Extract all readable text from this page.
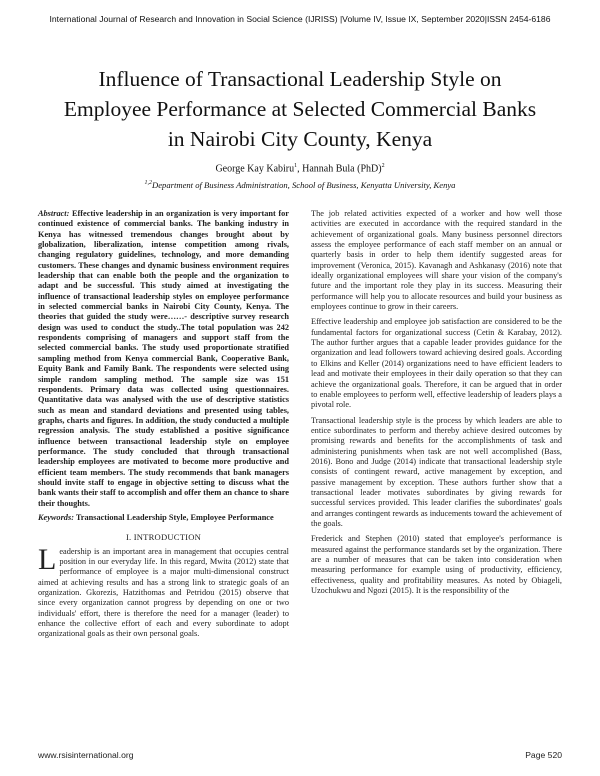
International Journal of Research and Innovation in Social Science (IJRISS) |Volume IV, Issue IX, September 2020|ISSN 2454-6186
Influence of Transactional Leadership Style on Employee Performance at Selected Commercial Banks in Nairobi City County, Kenya
George Kay Kabiru$^1$, Hannah Bula (PhD)$^2$
$^{1,2}$Department of Business Administration, School of Business, Kenyatta University, Kenya

Abstract: Effective leadership in an organization is very important for continued existence of commercial banks. The banking industry in Kenya has witnessed tremendous changes brought about by globalization, liberalization, intense competition among rivals, changing regulatory guidelines, technology, and more demanding customers. These changes and dynamic business environment requires leadership that can enable both the people and the organization to adapt and be successful. This study aimed at investigating the influence of transactional leadership styles on employee performance in selected commercial banks in Nairobi City County, Kenya. The theories that guided the study were……- descriptive survey research design was used to conduct the study..The total population was 242 respondents comprising of managers and support staff from the selected commercial banks. The study used proportionate stratified sampling method from Kenya commercial Bank, Cooperative Bank, Equity Bank and Family Bank. The respondents were selected using simple random sampling method. The sample size was 151 respondents. Primary data was collected using questionnaires. Quantitative data was analysed with the use of descriptive statistics such as mean and standard deviations and presented using tables, graphs, charts and figures. In addition, the study conducted a multiple regression analysis. The study established a positive significance influence between transactional leadership style on employee performance. The study concluded that through transactional leadership employees are motivated to become more productive and efficient team members. The study recommends that bank managers should invite staff to engage in objective setting to discuss what the bank wants their staff to accomplish and offer them an chance to share their thoughts.

Keywords: Transactional Leadership Style, Employee Performance

I. INTRODUCTION

Leadership is an important area in management that occupies central position in our everyday life. In this regard, Mwita (2012) state that performance of employee is a major multi-dimensional construct aimed at achieving results and has a strong link to strategic goals of an organization. Gkorezis, Hatzithomas and Petridou (2015) observe that since every organization cannot progress by depending on one or two individuals' effort, there is therefore the need for a manager (leader) to enhance the collective effort of each and every subordinate to adopt organizational goals as their own personal goals.

The job related activities expected of a worker and how well those activities are executed in accordance with the required standard in the achievement of organizational goals. Many business personnel directors assess the employee performance of each staff member on an annual or quarterly basis in order to help them identify suggested areas for improvement (Veronica, 2015). Kavanagh and Ashkanasy (2016) note that ideally organizational employees will share your vision of the company's future and the important role they play in its success. Measuring their performance will help you to allocate resources and build your business as employees continue to grow in their careers.

Effective leadership and employee job satisfaction are considered to be the fundamental factors for organizational success (Cetin & Karabay, 2012). The author further argues that a capable leader provides guidance for the organization and lead followers toward achieving desired goals. According to Elkins and Keller (2014) organizations need to have efficient leaders to lead and motivate their employees in their daily operation so that they can achieve the organizational goals. Therefore, it can be argued that in order to enable employees to perform well, effective leadership of leaders plays a pivotal role.

Transactional leadership style is the process by which leaders are able to entice subordinates to perform and thereby achieve desired outcomes by promising rewards and benefits for the accomplishments of task and administering punishments when task are not well accomplished (Bass, 2016). Bono and Judge (2014) indicate that transactional leadership style consists of contingent reward, active management by exception, and passive management by exception. These authors further show that a transactional leader motivates subordinates by giving rewards for successful services provided. This leader clarifies the subordinates' goals and arranges contingent rewards as inducements toward the achievement of the goals.

Frederick and Stephen (2010) stated that employee's performance is measured against the performance standards set by the organization. There are a number of measures that can be taken into consideration when measuring performance for example using of productivity, efficiency, effectiveness, quality and profitability measures. As noted by Obiageli, Uzochukwu and Ngozi (2015). It is the responsibility of the

www.rsisinternational.org	Page 520
